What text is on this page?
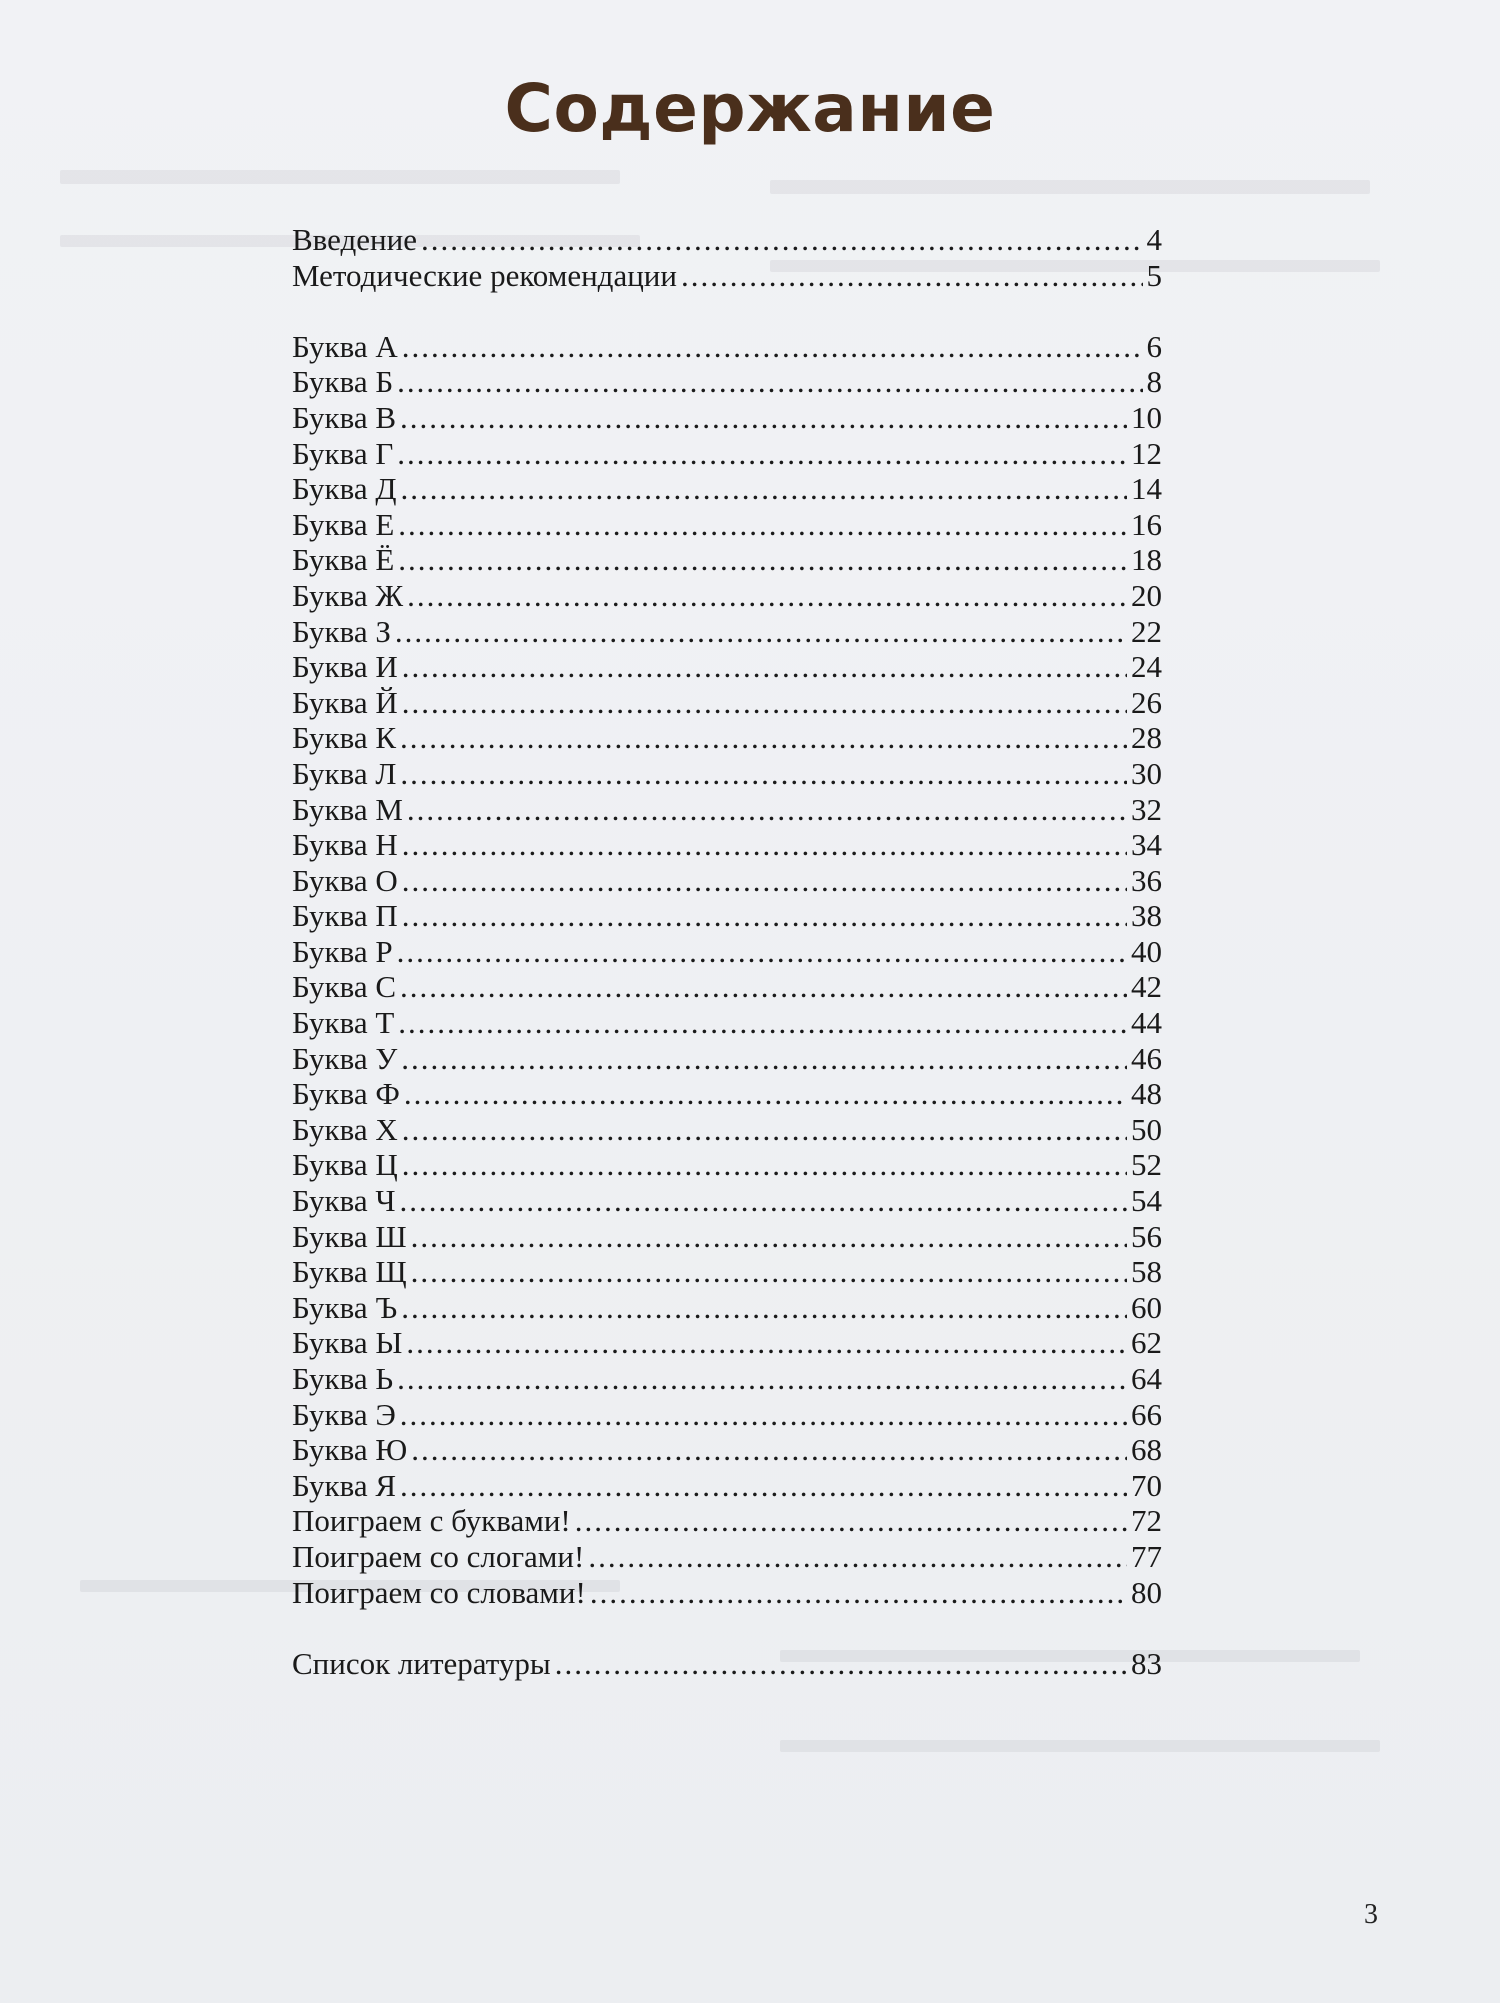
Содержание
Введение .....	4
Методические рекомендации .....	5
Буква А .....	6
Буква Б .....	8
Буква В .....	10
Буква Г .....	12
Буква Д .....	14
Буква Е .....	16
Буква Ё .....	18
Буква Ж .....	20
Буква З .....	22
Буква И .....	24
Буква Й .....	26
Буква К .....	28
Буква Л .....	30
Буква М .....	32
Буква Н .....	34
Буква О .....	36
Буква П .....	38
Буква Р .....	40
Буква С .....	42
Буква Т .....	44
Буква У .....	46
Буква Ф .....	48
Буква Х .....	50
Буква Ц .....	52
Буква Ч .....	54
Буква Ш .....	56
Буква Щ .....	58
Буква Ъ .....	60
Буква Ы .....	62
Буква Ь .....	64
Буква Э .....	66
Буква Ю .....	68
Буква Я .....	70
Поиграем с буквами! .....	72
Поиграем со слогами! .....	77
Поиграем со словами! .....	80
Список литературы .....	83
3
